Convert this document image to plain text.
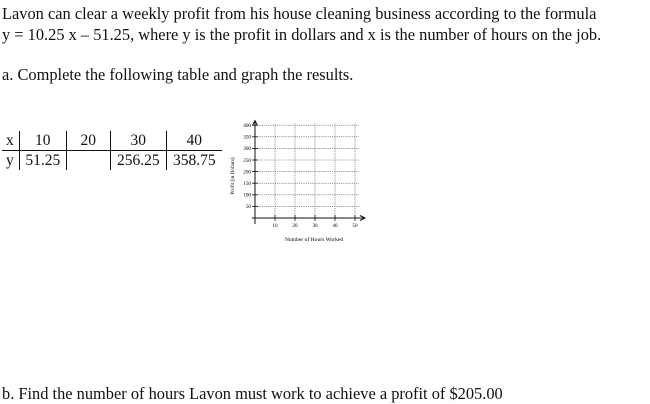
Lavon can clear a weekly profit from his house cleaning business according to the formula
y = 10.25 x – 51.25, where y is the profit in dollars and x is the number of hours on the job.
a. Complete the following table and graph the results.
x	10	20	30	40
y	51.25		256.25	358.75
10	20	30	40	50
50
100
150
200
250
300
350
400
Number of Hours Worked
Profit (in Dollars)
b. Find the number of hours Lavon must work to achieve a profit of $205.00
